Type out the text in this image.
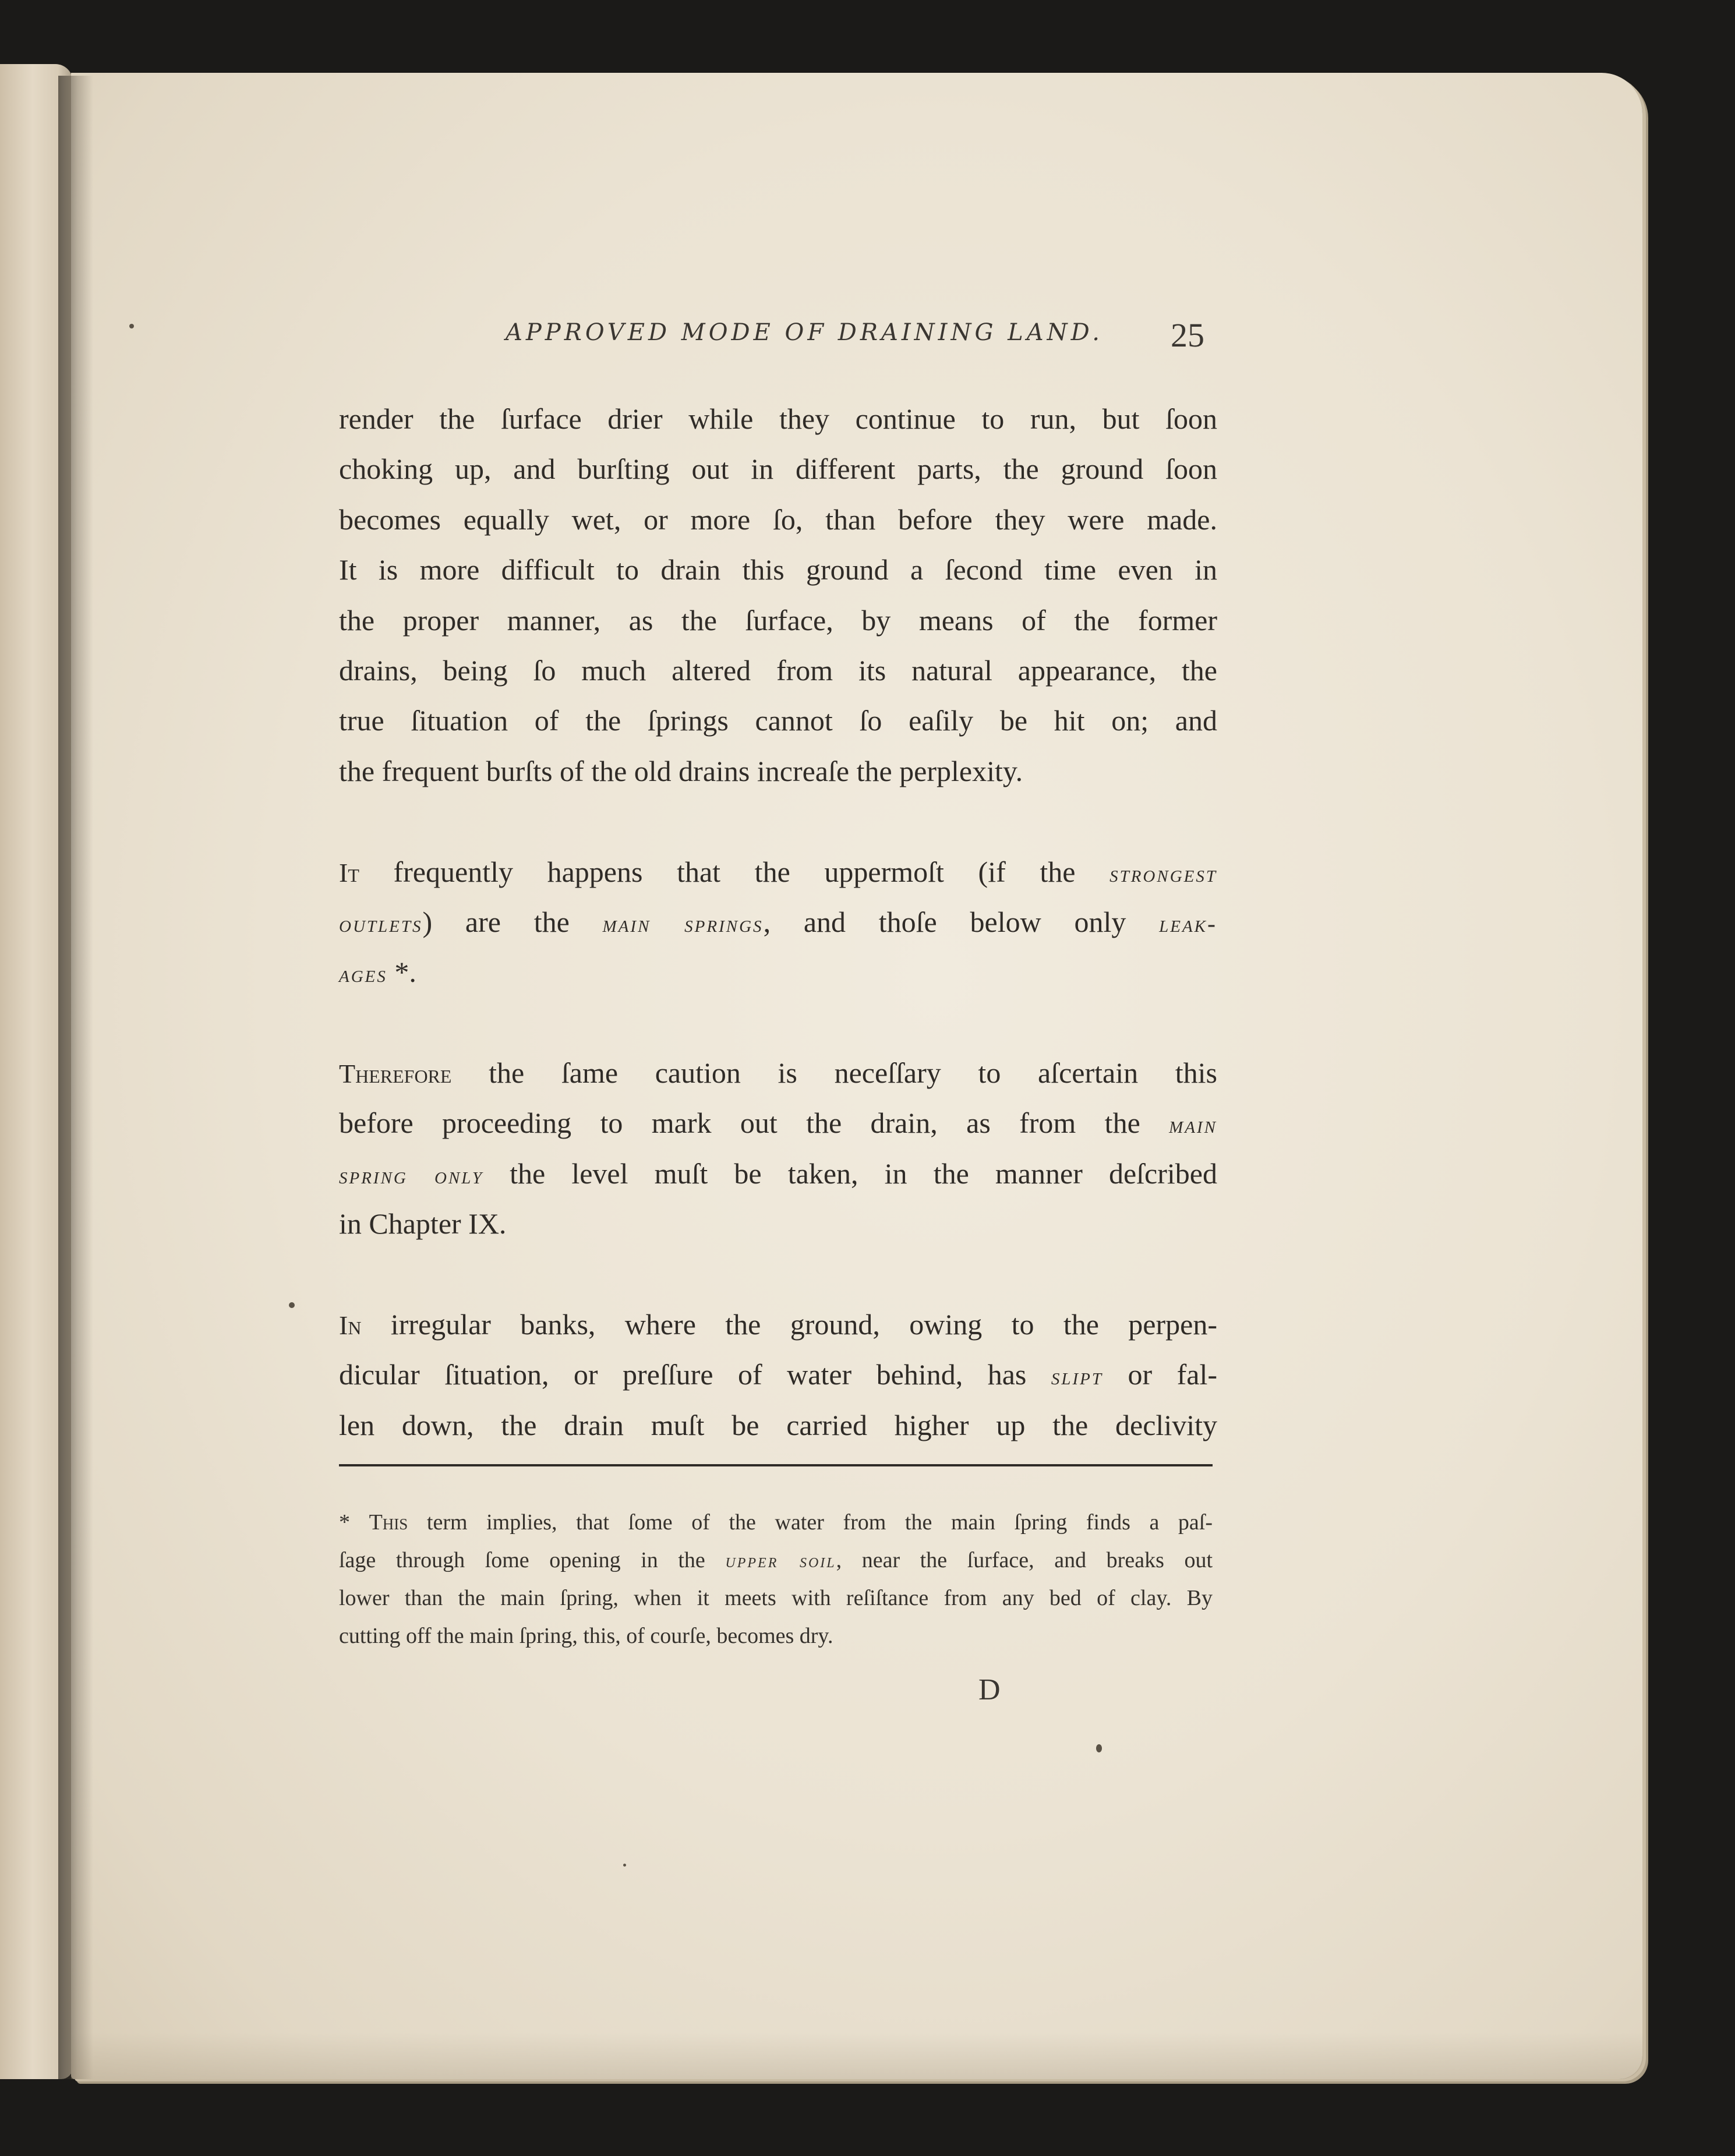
APPROVED MODE OF DRAINING LAND.	25
render the ſurface drier while they continue to run, but ſoon
choking up, and burſting out in different parts, the ground ſoon
becomes equally wet, or more ſo, than before they were made.
It is more difficult to drain this ground a ſecond time even in
the proper manner, as the ſurface, by means of the former
drains, being ſo much altered from its natural appearance, the
true ſituation of the ſprings cannot ſo eaſily be hit on; and
the frequent burſts of the old drains increaſe the perplexity.
It frequently happens that the uppermoſt (if the strongest
outlets) are the main springs, and thoſe below only leak-
ages *.
Therefore the ſame caution is neceſſary to aſcertain this
before proceeding to mark out the drain, as from the main
spring only the level muſt be taken, in the manner deſcribed
in Chapter IX.
In irregular banks, where the ground, owing to the perpen-
dicular ſituation, or preſſure of water behind, has slipt or fal-
len down, the drain muſt be carried higher up the declivity
* This term implies, that ſome of the water from the main ſpring finds a paſ-
ſage through ſome opening in the upper soil, near the ſurface, and breaks out
lower than the main ſpring, when it meets with reſiſtance from any bed of clay. By
cutting off the main ſpring, this, of courſe, becomes dry.
D
